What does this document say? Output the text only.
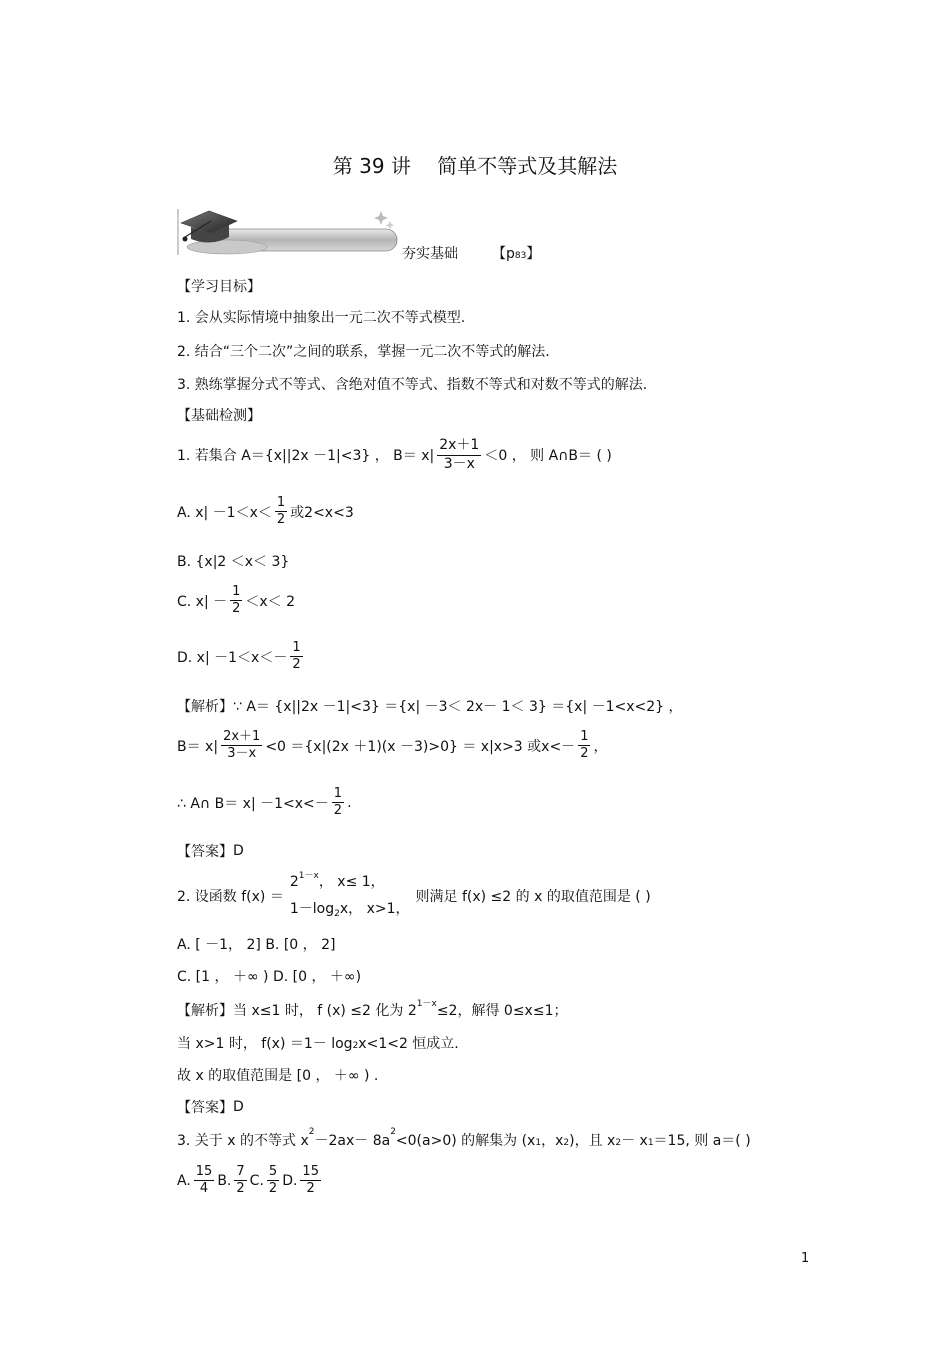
第 39 讲　 简单不等式及其解法
夯实基础 【p83】
【学习目标】
1. 会从实际情境中抽象出一元二次不等式模型.
2. 结合“三个二次”之间的联系，掌握一元二次不等式的解法.
3. 熟练掌握分式不等式、含绝对值不等式、指数不等式和对数不等式的解法.
【基础检测】
1. 若集合 A＝{x||2x －1|<3} ， $B= x| \frac{2x+1}{3-x} <0$ ， 则 A∩B＝ ( )
A. $x| -1<x< \frac{1}{2}$ 或2<x<3
B. {x|2 ＜x＜ 3}
C. $x| - \frac{1}{2} <x< 2$
D. $x| -1<x<- \frac{1}{2}$
【解析】 ∵ A＝ {x||2x －1|<3} ＝{x| －3＜ 2x－ 1＜ 3} ＝{x| －1<x<2} ，
$B= x| \frac{2x+1}{3-x} <0 =\{x|(2x +1)(x -3)>0\} = x|x>3$ 或$x<- \frac{1}{2}$ ，
∴ A∩ $B= x| -1<x<- \frac{1}{2}$ .
【答案】 D
2. 设函数 f(x) ＝
$2^{1-x}$， x≤ 1，
$1-\log_2x$， x>1，
则满足 f(x) ≤2 的 x 的取值范围是 ( )
A. [ －1， 2] B. [0 ， 2]
C. [1 ， ＋∞ ) D. [0 ， ＋∞)
【解析】 当 x≤1 时， f (x) ≤2 化为 2 1－x ≤2，解得 0≤x≤1；
当 x>1 时， f(x) ＝1－ log 2 x<1<2 恒成立.
故 x 的取值范围是 [0 ， ＋∞ ) .
【答案】 D
3. 关于 x 的不等式 x
2
－2ax－ 8a
2
<0(a>0) 的解集为 (x 1 ，x 2 )，且 x 2 － x 1 ＝15, 则 a＝( )
A. $\frac{15}{4} B$. $\frac{7}{2} C$. $\frac{5}{2} D$. $\frac{15}{2}$
1
